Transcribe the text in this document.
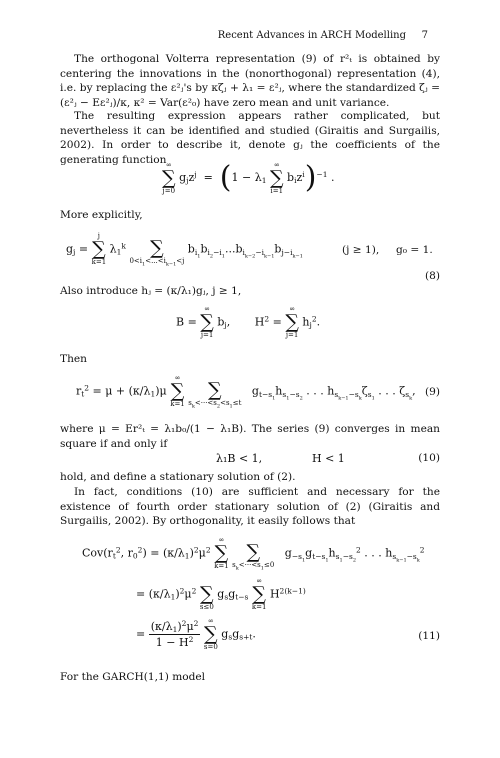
Recent Advances in ARCH Modelling 7

The orthogonal Volterra representation (9) of r²ₜ is obtained by centering the innovations in the (nonorthogonal) representation (4), i.e. by replacing the ε²ⱼ's by κζⱼ + λ₁ = ε²ⱼ, where the standardized ζⱼ = (ε²ⱼ − Eε²ⱼ)/κ, κ² = Var(ε²₀) have zero mean and unit variance.

The resulting expression appears rather complicated, but nevertheless it can be identified and studied (Giraitis and Surgailis, 2002). In order to describe it, denote gⱼ the coefficients of the generating function ∞
∑
j=0
$g_jz^j = (1 - \lambda_1$
∞
∑
i=1
$b_iz^i)^{-1}$ .

More explicitly,

$g_j$ =
j
∑
k=1
$\lambda_1^k$
∑
$0<i_1<...<i_{k-1}<j$
$b_{i_1}b_{i_2-i_1}...b_{i_{k-2}-i_{k-1}}b_{j-i_{k-1}}$
(j ≥ 1), g₀ = 1.
(8)

Also introduce hⱼ = (κ/λ₁)gⱼ, j ≥ 1,

B =
∞
∑
j=1
$b_j$,       $H^2$ =
∞
∑
j=1
$h_j^2$.

Then

$r_t^2 = \mu + (\kappa/\lambda_1)\mu$
∞
∑
k=1

∑
$s_k<\cdot\cdot\cdot<s_2<s_1\le t$
$g_{t-s_1}h_{s_1-s_2}$ . . . $h_{s_{k-1}-s_k}\zeta_{s_1}$ . . . $\zeta_{s_k}$, (9)

where μ = Er²ₜ = λ₁b₀/(1 − λ₁B). The series (9) converges in mean square if and only if

λ₁B < 1,	H < 1	(10)

hold, and define a stationary solution of (2).

In fact, conditions (10) are sufficient and necessary for the existence of fourth order stationary solution of (2) (Giraitis and Surgailis, 2002). By orthogonality, it easily follows that

$Cov(r_t^2$, $r_0^2) = (\kappa/\lambda_1)^2\mu^2$
∞
∑
k=1

∑
$s_k<\cdot\cdot\cdot<s_1\le 0$
$g_{-s_1}g_{t-s_1}h_{s_1-s_2}^2$ . . . $h_{s_{k-1}-s_k}^2$
= $(\kappa/\lambda_1)^2\mu^2$
∑
s≤0
$g_sg_{t-s}$
∞
∑
k=1
$H^{2(k-1)}$
= $\frac{(\kappa/\lambda_1)^2\mu^2}{1 - H^2}$
∞
∑
s=0
$g_sg_{s+t}$.	(11)

For the GARCH(1,1) model
